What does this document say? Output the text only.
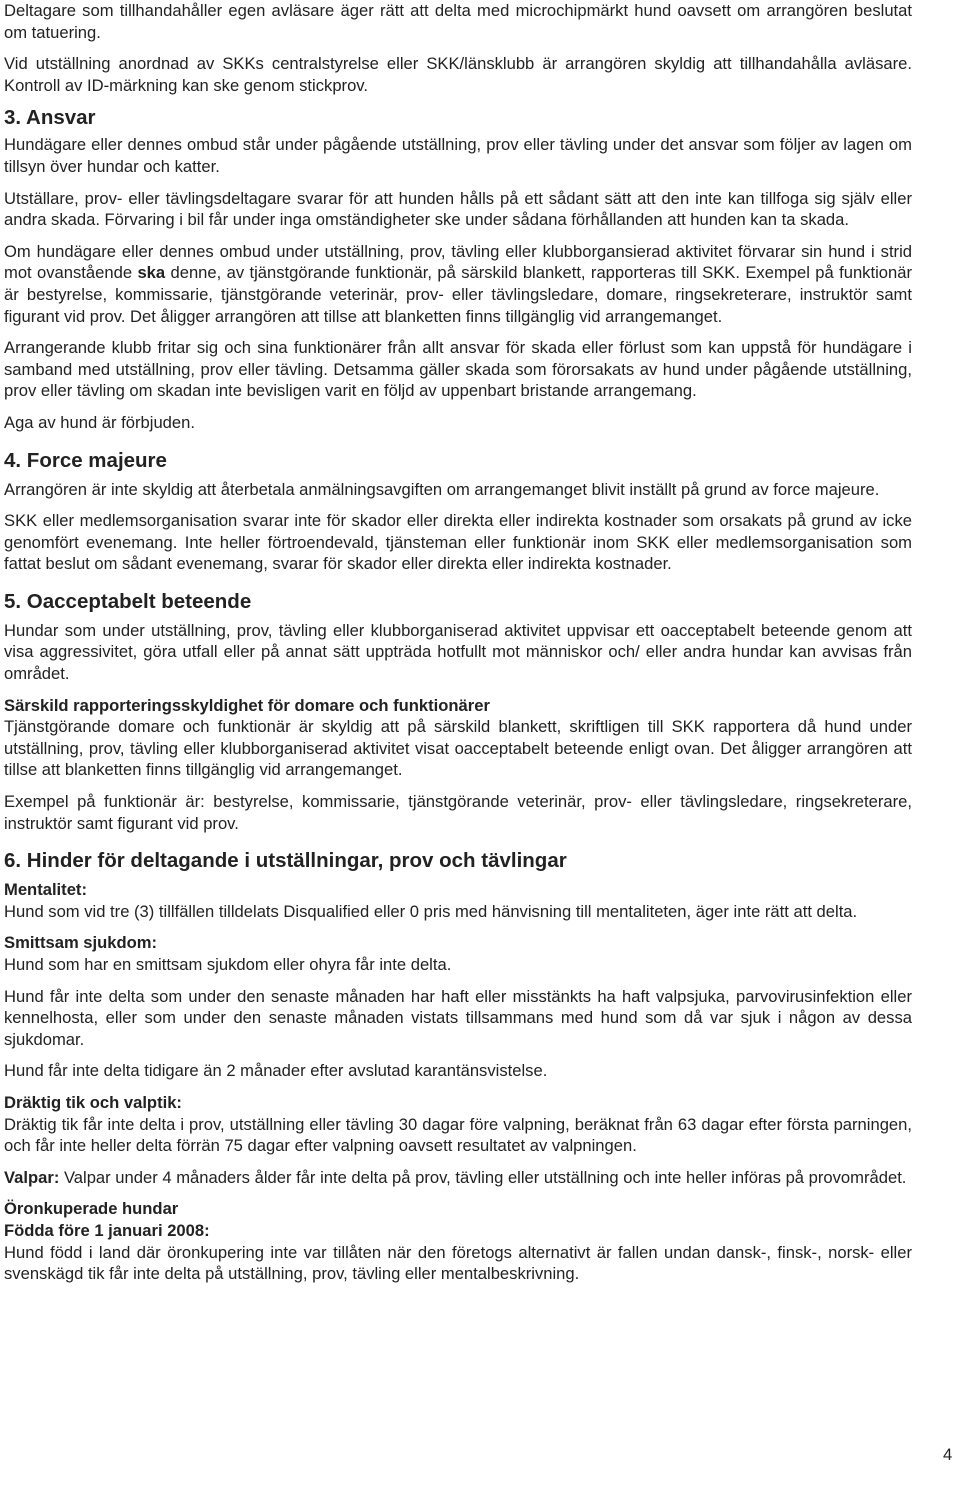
Deltagare som tillhandahåller egen avläsare äger rätt att delta med microchipmärkt hund oavsett om arrangören beslutat om tatuering.

Vid utställning anordnad av SKKs centralstyrelse eller SKK/länsklubb är arrangören skyldig att tillhandahålla avläsare. Kontroll av ID-märkning kan ske genom stickprov.

3. Ansvar

Hundägare eller dennes ombud står under pågående utställning, prov eller tävling under det ansvar som följer av lagen om tillsyn över hundar och katter.

Utställare, prov- eller tävlingsdeltagare svarar för att hunden hålls på ett sådant sätt att den inte kan tillfoga sig själv eller andra skada. Förvaring i bil får under inga omständigheter ske under sådana förhållanden att hunden kan ta skada.

Om hundägare eller dennes ombud under utställning, prov, tävling eller klubborgansierad aktivitet förvarar sin hund i strid mot ovanstående ska denne, av tjänstgörande funktionär, på särskild blankett, rapporteras till SKK. Exempel på funktionär är bestyrelse, kommissarie, tjänstgörande veterinär, prov- eller tävlingsledare, domare, ringsekreterare, instruktör samt figurant vid prov. Det åligger arrangören att tillse att blanketten finns tillgänglig vid arrangemanget.

Arrangerande klubb fritar sig och sina funktionärer från allt ansvar för skada eller förlust som kan uppstå för hundägare i samband med utställning, prov eller tävling. Detsamma gäller skada som förorsakats av hund under pågående utställning, prov eller tävling om skadan inte bevisligen varit en följd av uppenbart bristande arrangemang.

Aga av hund är förbjuden.

4. Force majeure

Arrangören är inte skyldig att återbetala anmälningsavgiften om arrangemanget blivit inställt på grund av force majeure.

SKK eller medlemsorganisation svarar inte för skador eller direkta eller indirekta kostnader som orsakats på grund av icke genomfört evenemang. Inte heller förtroendevald, tjänsteman eller funktionär inom SKK eller medlemsorganisation som fattat beslut om sådant evenemang, svarar för skador eller direkta eller indirekta kostnader.

5. Oacceptabelt beteende

Hundar som under utställning, prov, tävling eller klubborganiserad aktivitet uppvisar ett oacceptabelt beteende genom att visa aggressivitet, göra utfall eller på annat sätt uppträda hotfullt mot människor och/ eller andra hundar kan avvisas från området.

Särskild rapporteringsskyldighet för domare och funktionärer

Tjänstgörande domare och funktionär är skyldig att på särskild blankett, skriftligen till SKK rapportera då hund under utställning, prov, tävling eller klubborganiserad aktivitet visat oacceptabelt beteende enligt ovan. Det åligger arrangören att tillse att blanketten finns tillgänglig vid arrangemanget.

Exempel på funktionär är: bestyrelse, kommissarie, tjänstgörande veterinär, prov- eller tävlingsledare, ringsekreterare, instruktör samt figurant vid prov.

6. Hinder för deltagande i utställningar, prov och tävlingar
Mentalitet:

Hund som vid tre (3) tillfällen tilldelats Disqualified eller 0 pris med hänvisning till mentaliteten, äger inte rätt att delta.

Smittsam sjukdom:

Hund som har en smittsam sjukdom eller ohyra får inte delta.

Hund får inte delta som under den senaste månaden har haft eller misstänkts ha haft valpsjuka, parvovirusinfektion eller kennelhosta, eller som under den senaste månaden vistats tillsammans med hund som då var sjuk i någon av dessa sjukdomar.

Hund får inte delta tidigare än 2 månader efter avslutad karantänsvistelse.

Dräktig tik och valptik:

Dräktig tik får inte delta i prov, utställning eller tävling 30 dagar före valpning, beräknat från 63 dagar efter första parningen, och får inte heller delta förrän 75 dagar efter valpning oavsett resultatet av valpningen.

Valpar: Valpar under 4 månaders ålder får inte delta på prov, tävling eller utställning och inte heller införas på provområdet.

Öronkuperade hundar
Födda före 1 januari 2008:

Hund född i land där öronkupering inte var tillåten när den företogs alternativt är fallen undan dansk-, finsk-, norsk- eller svenskägd tik får inte delta på utställning, prov, tävling eller mentalbeskrivning.

4
